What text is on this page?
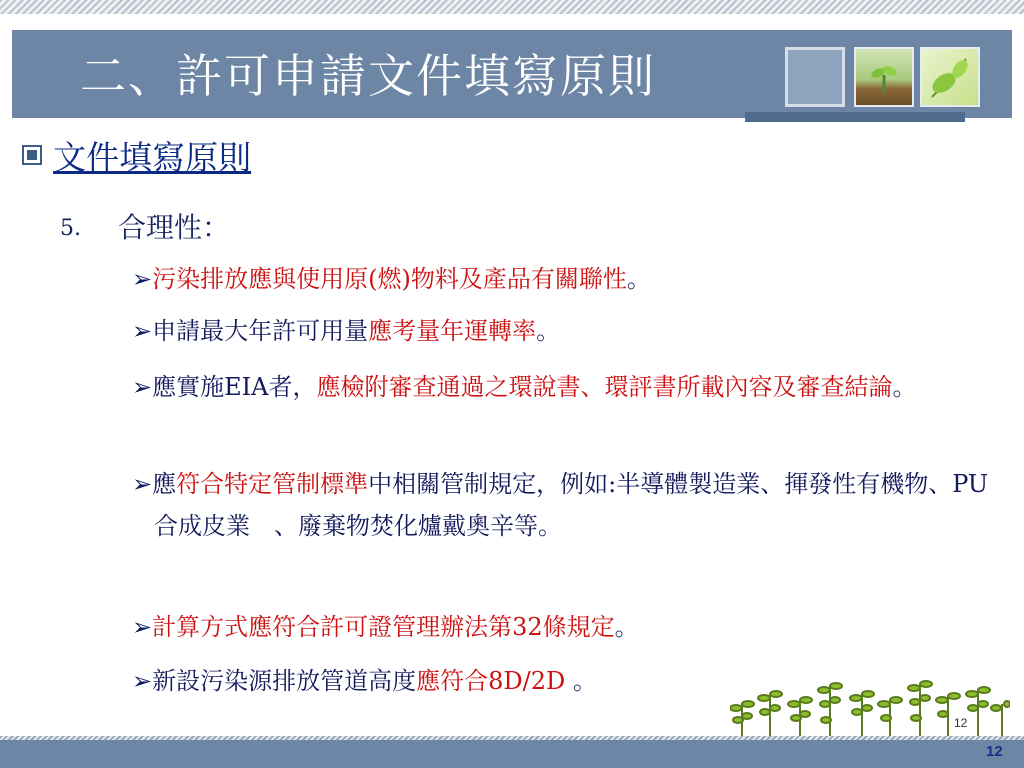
二、許可申請文件填寫原則
文件填寫原則
5. 合理性：
➢污染排放應與使用原(燃)物料及產品有關聯性。
➢申請最大年許可用量應考量年運轉率。
➢應實施EIA者，應檢附審查通過之環說書、環評書所載內容及審查結論。
➢應符合特定管制標準中相關管制規定，例如:半導體製造業、揮發性有機物、PU合成皮業　、廢棄物焚化爐戴奧辛等。
➢計算方式應符合許可證管理辦法第32條規定。
➢新設污染源排放管道高度應符合8D/2D 。
12
12
